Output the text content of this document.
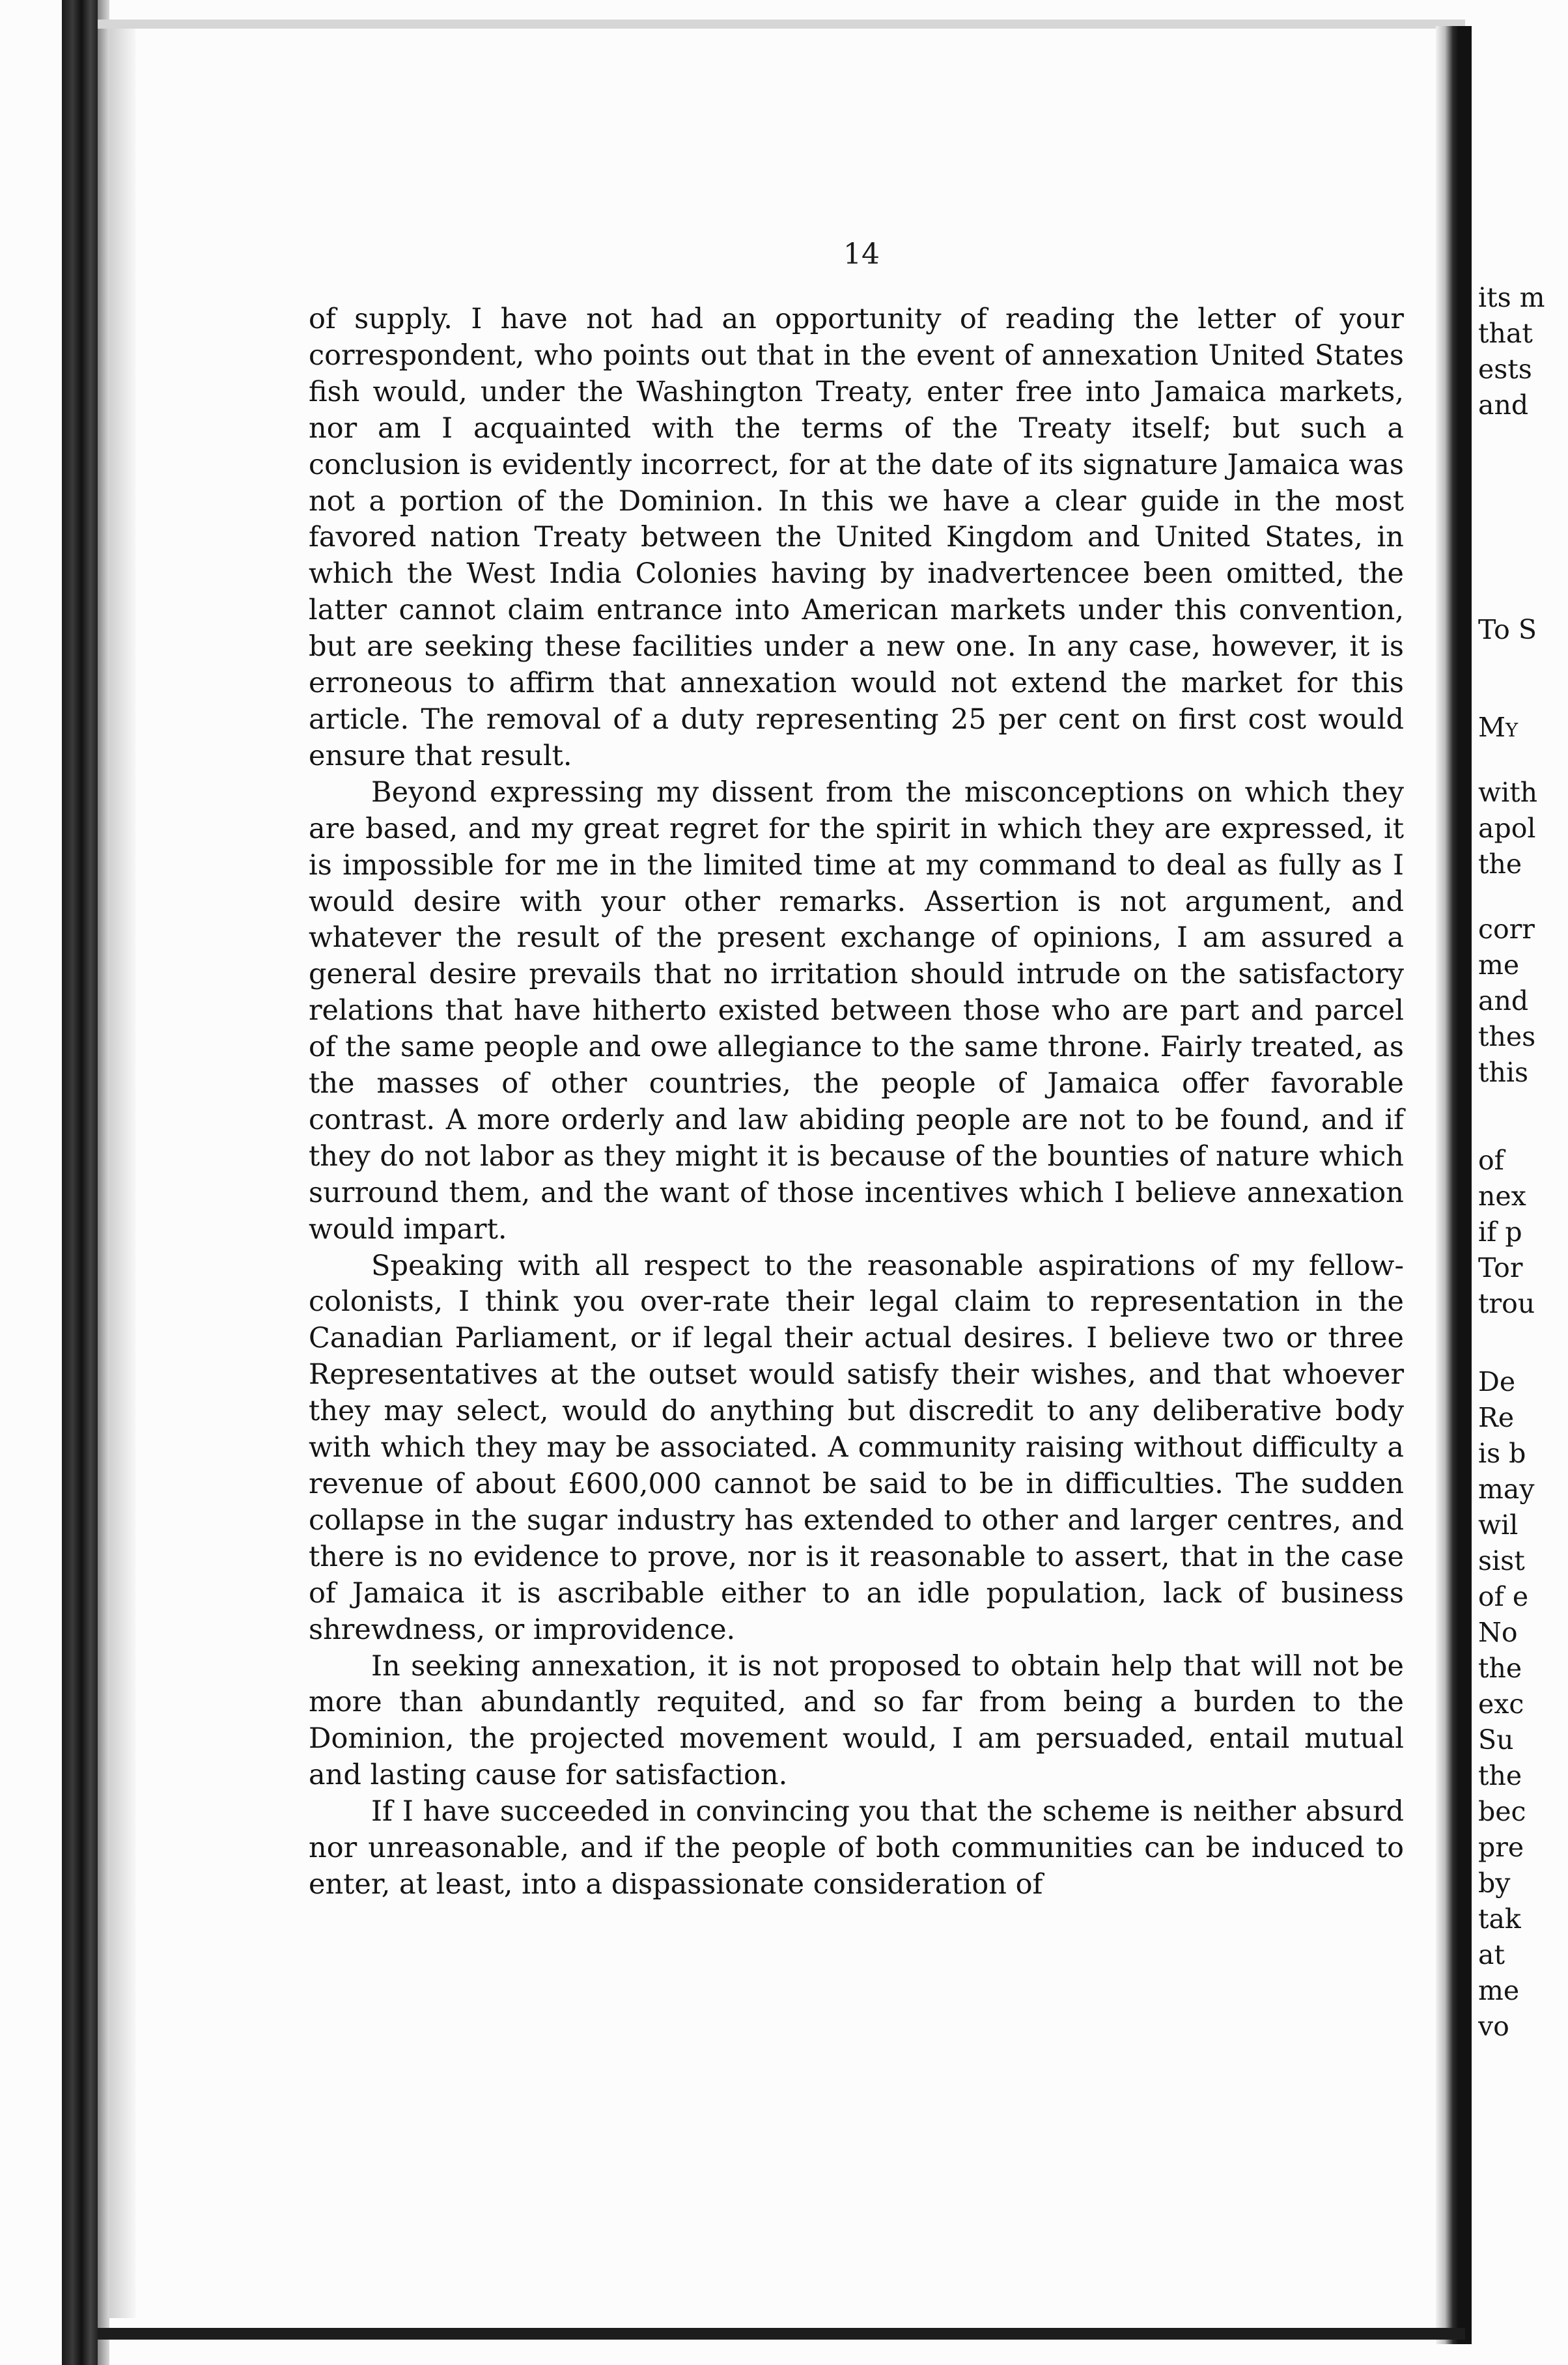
14

of supply. I have not had an opportunity of reading the letter of your correspondent, who points out that in the event of annexation United States fish would, under the Washington Treaty, enter free into Jamaica markets, nor am I acquainted with the terms of the Treaty itself; but such a conclusion is evidently incorrect, for at the date of its signature Jamaica was not a portion of the Dominion. In this we have a clear guide in the most favored nation Treaty between the United Kingdom and United States, in which the West India Colonies having by inadvertencee been omitted, the latter cannot claim entrance into American markets under this convention, but are seeking these facilities under a new one. In any case, however, it is erroneous to affirm that annexation would not extend the market for this article. The removal of a duty representing 25 per cent on first cost would ensure that result.

Beyond expressing my dissent from the misconceptions on which they are based, and my great regret for the spirit in which they are expressed, it is impossible for me in the limited time at my command to deal as fully as I would desire with your other remarks. Assertion is not argument, and whatever the result of the present exchange of opinions, I am assured a general desire prevails that no irritation should intrude on the satisfactory relations that have hitherto existed between those who are part and parcel of the same people and owe allegiance to the same throne. Fairly treated, as the masses of other countries, the people of Jamaica offer favorable contrast. A more orderly and law abiding people are not to be found, and if they do not labor as they might it is because of the bounties of nature which surround them, and the want of those incentives which I believe annexation would impart.

Speaking with all respect to the reasonable aspirations of my fellow-colonists, I think you over-rate their legal claim to representation in the Canadian Parliament, or if legal their actual desires. I believe two or three Representatives at the outset would satisfy their wishes, and that whoever they may select, would do anything but discredit to any deliberative body with which they may be associated. A community raising without difficulty a revenue of about £600,000 cannot be said to be in difficulties. The sudden collapse in the sugar industry has extended to other and larger centres, and there is no evidence to prove, nor is it reasonable to assert, that in the case of Jamaica it is ascribable either to an idle population, lack of business shrewdness, or improvidence.

In seeking annexation, it is not proposed to obtain help that will not be more than abundantly requited, and so far from being a burden to the Dominion, the projected movement would, I am persuaded, entail mutual and lasting cause for satisfaction.

If I have succeeded in convincing you that the scheme is neither absurd nor unreasonable, and if the people of both communities can be induced to enter, at least, into a dispassionate consideration of

its m
that
ests
and
To S
My
with
apol
the
corr
me
and
thes
this
of
nex
if p
Tor
trou
De
Re
is b
may
wil
sist
of e
No
the
exc
Su
the
bec
pre
by
tak
at
me
vo
